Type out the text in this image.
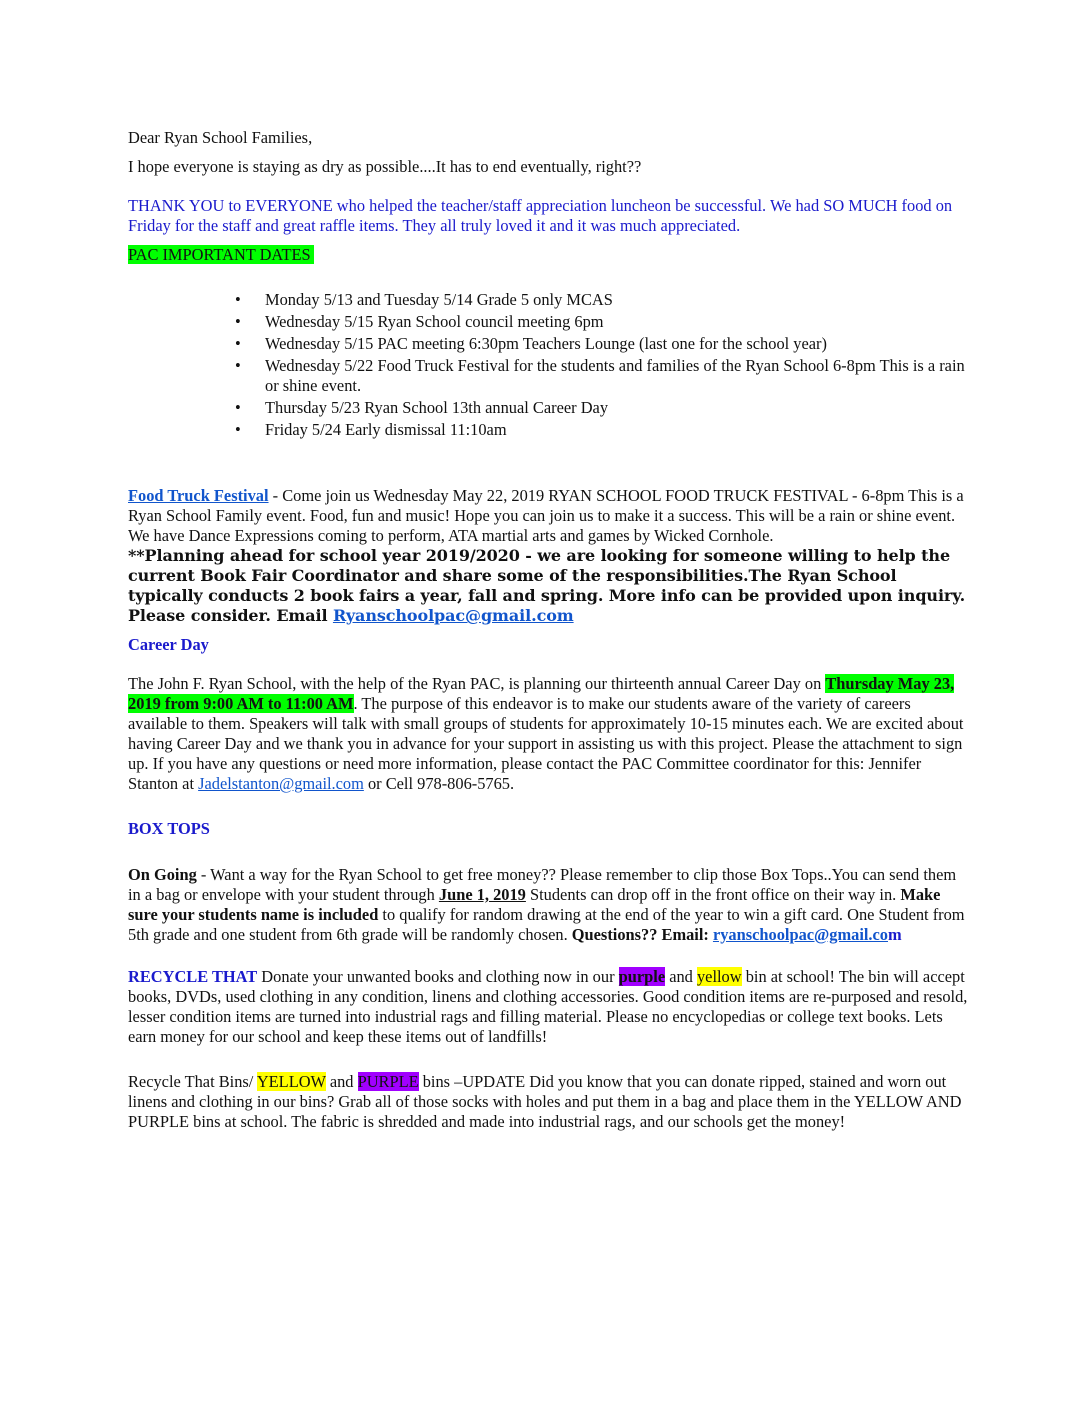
Dear Ryan School Families,

I hope everyone is staying as dry as possible....It has to end eventually, right??

THANK YOU to EVERYONE who helped the teacher/staff appreciation luncheon be successful. We had SO MUCH food on Friday for the staff and great raffle items. They all truly loved it and it was much appreciated.

PAC IMPORTANT DATES

• Monday 5/13 and Tuesday 5/14 Grade 5 only MCAS
• Wednesday 5/15 Ryan School council meeting 6pm
• Wednesday 5/15 PAC meeting 6:30pm Teachers Lounge (last one for the school year)
• Wednesday 5/22 Food Truck Festival for the students and families of the Ryan School 6-8pm This is a rain or shine event.
• Thursday 5/23 Ryan School 13th annual Career Day
• Friday 5/24 Early dismissal 11:10am

Food Truck Festival - Come join us Wednesday May 22, 2019 RYAN SCHOOL FOOD TRUCK FESTIVAL - 6-8pm This is a Ryan School Family event. Food, fun and music! Hope you can join us to make it a success. This will be a rain or shine event. We have Dance Expressions coming to perform, ATA martial arts and games by Wicked Cornhole.

**Planning ahead for school year 2019/2020 - we are looking for someone willing to help the current Book Fair Coordinator and share some of the responsibilities.The Ryan School typically conducts 2 book fairs a year, fall and spring. More info can be provided upon inquiry. Please consider. Email Ryanschoolpac@gmail.com

Career Day

The John F. Ryan School, with the help of the Ryan PAC, is planning our thirteenth annual Career Day on Thursday May 23, 2019 from 9:00 AM to 11:00 AM. The purpose of this endeavor is to make our students aware of the variety of careers available to them. Speakers will talk with small groups of students for approximately 10-15 minutes each. We are excited about having Career Day and we thank you in advance for your support in assisting us with this project. Please the attachment to sign up. If you have any questions or need more information, please contact the PAC Committee coordinator for this: Jennifer Stanton at Jadelstanton@gmail.com or Cell 978-806-5765.

BOX TOPS

On Going - Want a way for the Ryan School to get free money?? Please remember to clip those Box Tops..You can send them in a bag or envelope with your student through June 1, 2019 Students can drop off in the front office on their way in. Make sure your students name is included to qualify for random drawing at the end of the year to win a gift card. One Student from 5th grade and one student from 6th grade will be randomly chosen. Questions?? Email: ryanschoolpac@gmail.com

RECYCLE THAT Donate your unwanted books and clothing now in our purple and yellow bin at school! The bin will accept books, DVDs, used clothing in any condition, linens and clothing accessories. Good condition items are re-purposed and resold, lesser condition items are turned into industrial rags and filling material. Please no encyclopedias or college text books. Lets earn money for our school and keep these items out of landfills!

Recycle That Bins/ YELLOW and PURPLE bins –UPDATE Did you know that you can donate ripped, stained and worn out linens and clothing in our bins? Grab all of those socks with holes and put them in a bag and place them in the YELLOW AND PURPLE bins at school. The fabric is shredded and made into industrial rags, and our schools get the money!
